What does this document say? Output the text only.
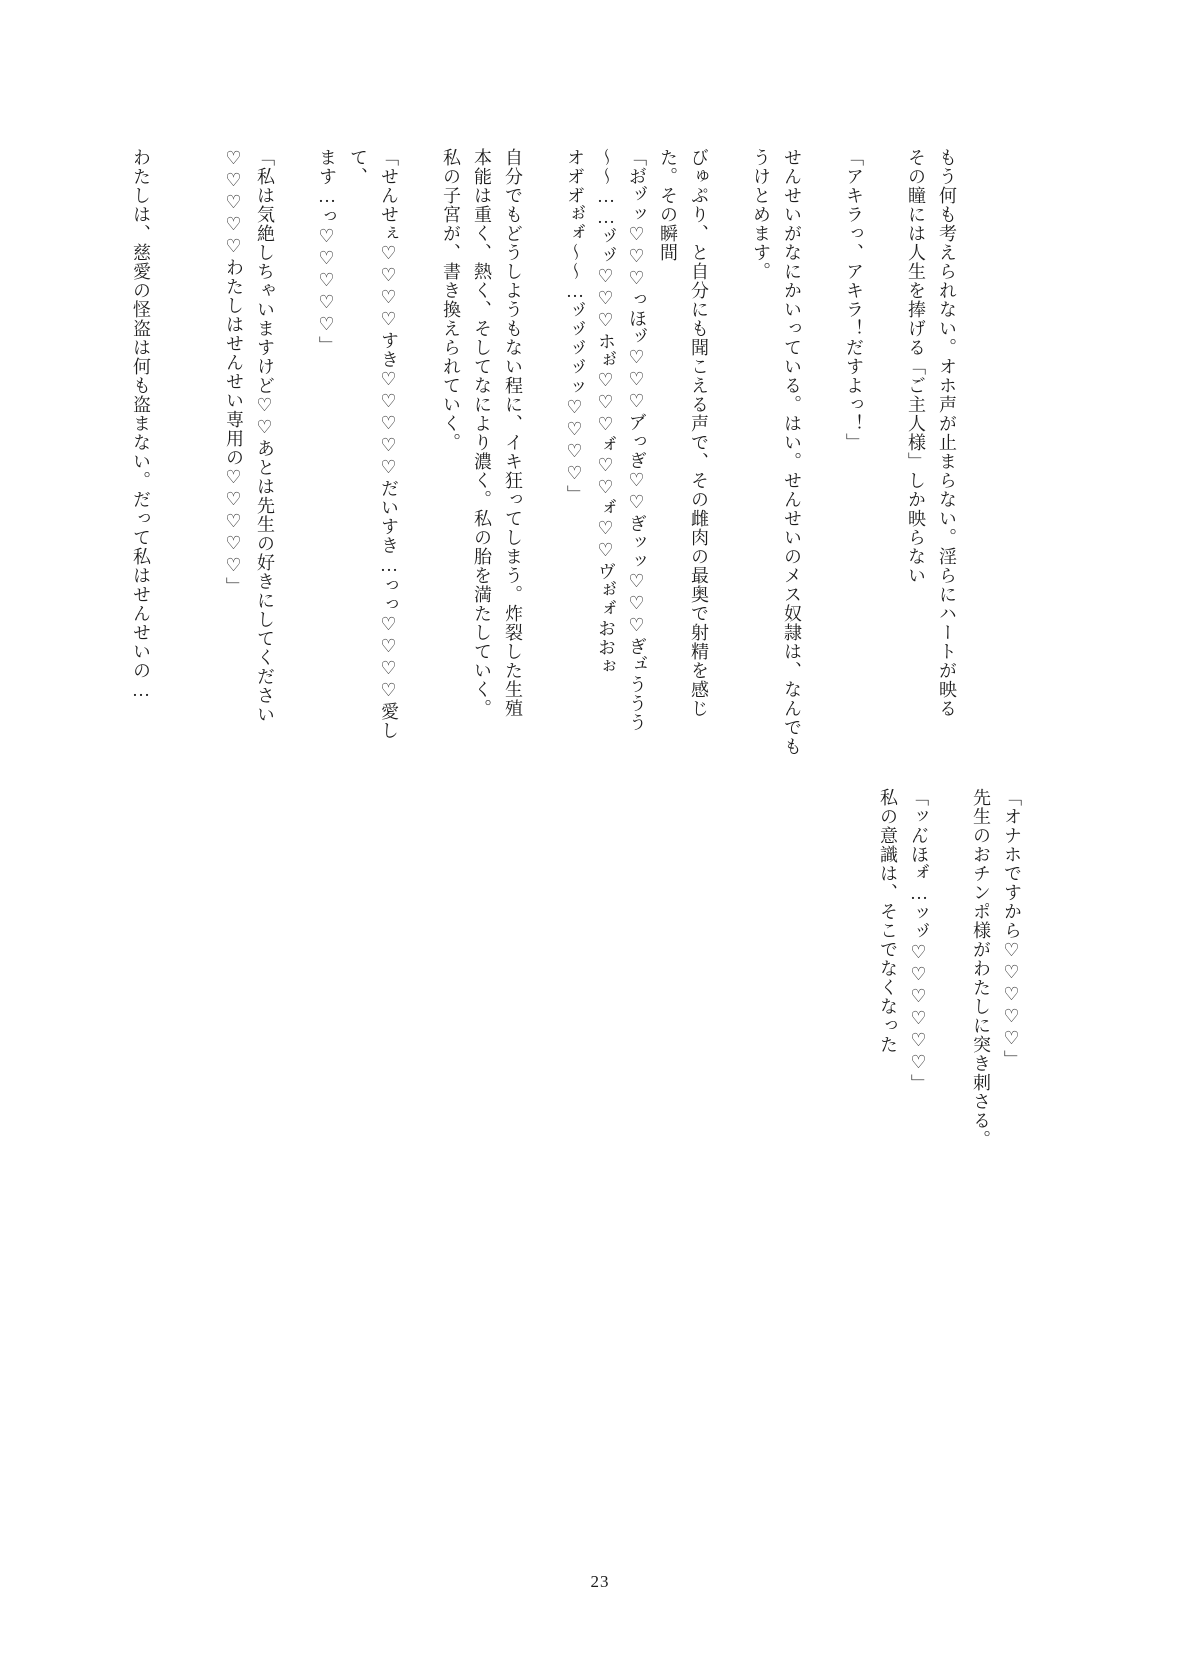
もう何も考えられない。オホ声が止まらない。淫らにハートが映る

その瞳には人生を捧げる「ご主人様」しか映らない

「アキラっ、アキラ！だすよっ！」

せんせいがなにかいっている。はい。せんせいのメス奴隷は、なんでも

うけとめます。

びゅぷり、と自分にも聞こえる声で、その雌肉の最奥で射精を感じ

た。その瞬間

「お゙ッ゙ッ♡♡♡っほッ゙♡♡♡ア゙っぎ♡♡ぎッッ♡♡♡ぎュ゙ううう

～～……ッ゙ッ゙♡♡♡ホぉ゙♡♡♡ォ゙♡♡ォ゙♡♡ヴぉ゙ォ゙おおぉ

オオ゙オ゙ぉ゙ォ゙～～…ッ゙ッ゙ッ゙ッ゙ッ♡♡♡♡」

自分でもどうしようもない程に、イキ狂ってしまう。炸裂した生殖

本能は重く、熱く、そしてなにより濃く。私の胎を満たしていく。

私の子宮が、書き換えられていく。

「せんせぇ♡♡♡♡すき♡♡♡♡♡だいすき…っっ♡♡♡♡愛して、

ます…っ♡♡♡♡♡」

「私は気絶しちゃいますけど♡♡あとは先生の好きにしてください

♡♡♡♡♡わたしはせんせい専用の♡♡♡♡♡」

わたしは、慈愛の怪盗は何も盗まない。だって私はせんせいの…

「オナホですから♡♡♡♡♡」

先生のおチンポ様がわたしに突き刺さる。

「ッん゙ほォ゙…ッッ゙♡♡♡♡♡♡」

私の意識は、そこでなくなった

23
